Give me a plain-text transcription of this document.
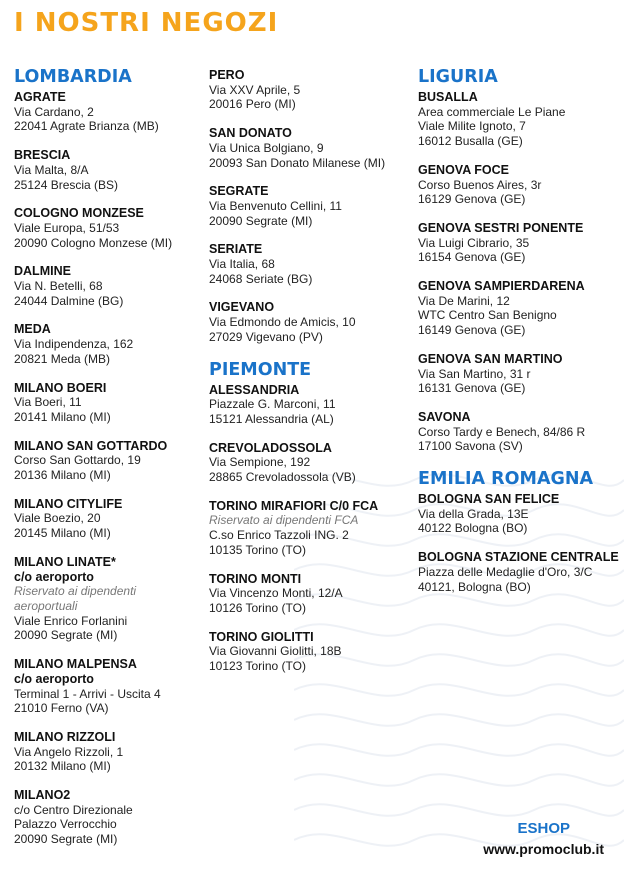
I NOSTRI NEGOZI
LOMBARDIA
AGRATE
Via Cardano, 2
22041 Agrate Brianza (MB)
BRESCIA
Via Malta, 8/A
25124 Brescia (BS)
COLOGNO MONZESE
Viale Europa, 51/53
20090 Cologno Monzese (MI)
DALMINE
Via N. Betelli, 68
24044 Dalmine (BG)
MEDA
Via Indipendenza, 162
20821 Meda (MB)
MILANO BOERI
Via Boeri, 11
20141 Milano (MI)
MILANO SAN GOTTARDO
Corso San Gottardo, 19
20136 Milano (MI)
MILANO CITYLIFE
Viale Boezio, 20
20145 Milano (MI)
MILANO LINATE*
c/o aeroporto
Riservato ai dipendenti
aeroportuali
Viale Enrico Forlanini
20090 Segrate (MI)
MILANO MALPENSA
c/o aeroporto
Terminal 1 - Arrivi - Uscita 4
21010 Ferno (VA)
MILANO RIZZOLI
Via Angelo Rizzoli, 1
20132 Milano (MI)
MILANO2
c/o Centro Direzionale
Palazzo Verrocchio
20090 Segrate (MI)
PERO
Via XXV Aprile, 5
20016 Pero (MI)
SAN DONATO
Via Unica Bolgiano, 9
20093 San Donato Milanese (MI)
SEGRATE
Via Benvenuto Cellini, 11
20090 Segrate (MI)
SERIATE
Via Italia, 68
24068 Seriate (BG)
VIGEVANO
Via Edmondo de Amicis, 10
27029 Vigevano (PV)
PIEMONTE
ALESSANDRIA
Piazzale G. Marconi, 11
15121 Alessandria (AL)
CREVOLADOSSOLA
Via Sempione, 192
28865 Crevoladossola (VB)
TORINO MIRAFIORI C/0 FCA
Riservato ai dipendenti FCA
C.so Enrico Tazzoli ING. 2
10135 Torino (TO)
TORINO MONTI
Via Vincenzo Monti, 12/A
10126 Torino (TO)
TORINO GIOLITTI
Via Giovanni Giolitti, 18B
10123 Torino (TO)
LIGURIA
BUSALLA
Area commerciale Le Piane
Viale Milite Ignoto, 7
16012 Busalla (GE)
GENOVA FOCE
Corso Buenos Aires, 3r
16129 Genova (GE)
GENOVA SESTRI PONENTE
Via Luigi Cibrario, 35
16154 Genova (GE)
GENOVA SAMPIERDARENA
Via De Marini, 12
WTC Centro San Benigno
16149 Genova (GE)
GENOVA SAN MARTINO
Via San Martino, 31 r
16131 Genova (GE)
SAVONA
Corso Tardy e Benech, 84/86 R
17100 Savona (SV)
EMILIA ROMAGNA
BOLOGNA SAN FELICE
Via della Grada, 13E
40122 Bologna (BO)
BOLOGNA STAZIONE CENTRALE
Piazza delle Medaglie d'Oro, 3/C
40121, Bologna (BO)
ESHOP
www.promoclub.it
